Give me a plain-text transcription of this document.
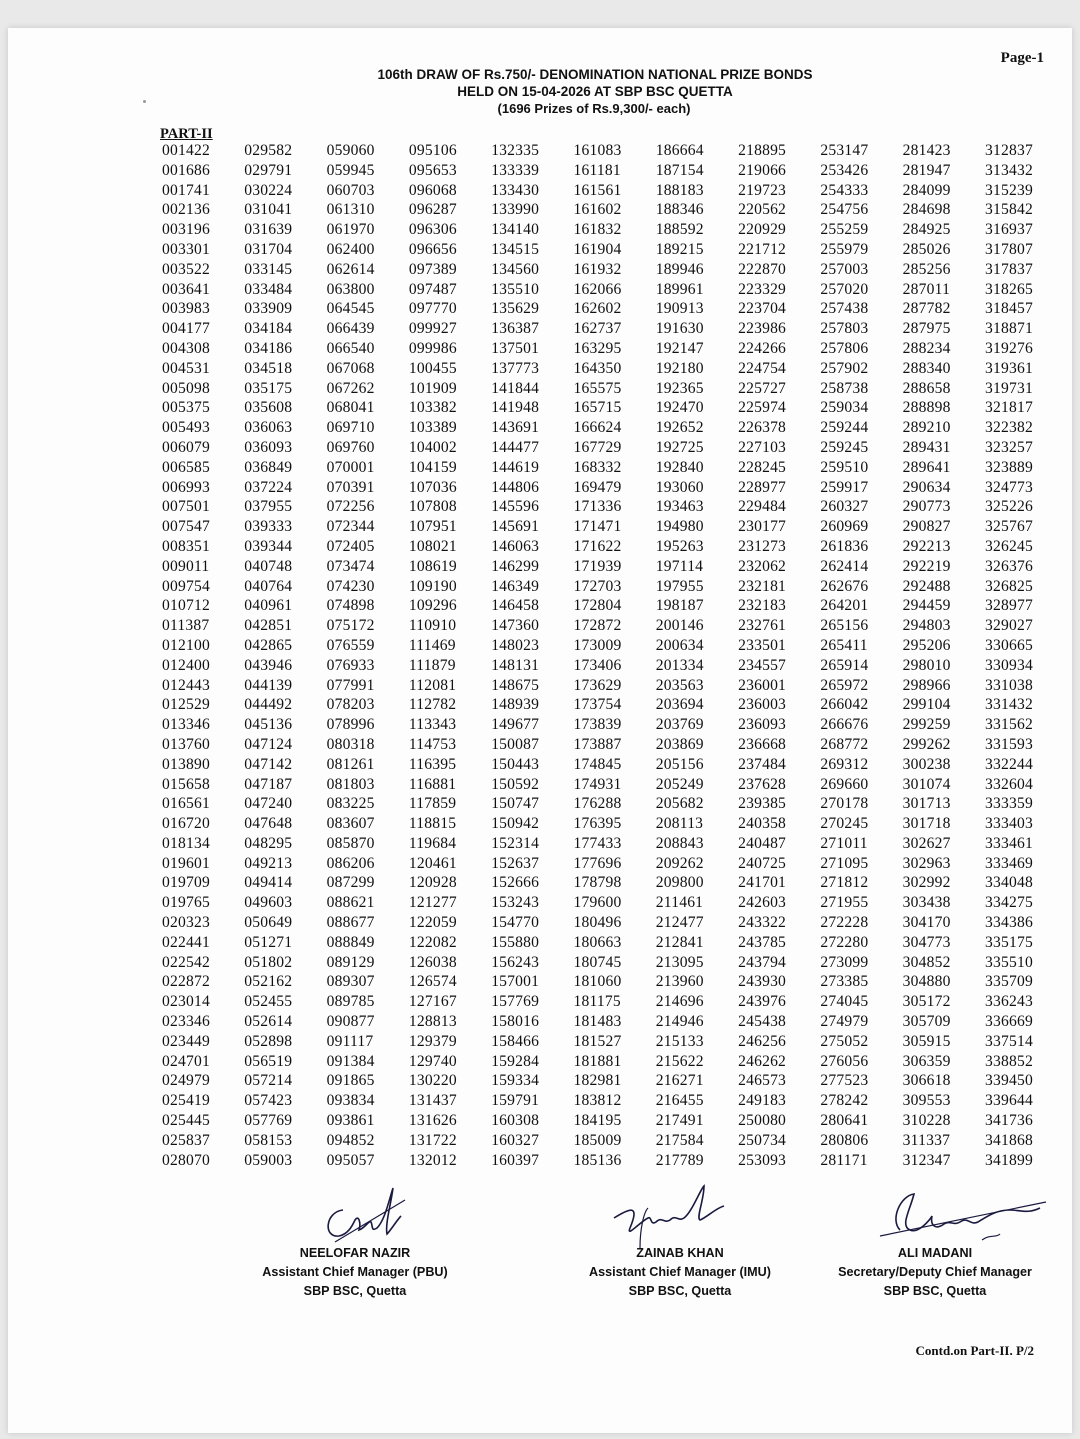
Page-1
106th DRAW OF Rs.750/- DENOMINATION NATIONAL PRIZE BONDS
HELD ON 15-04-2026 AT SBP BSC QUETTA
(1696 Prizes of Rs.9,300/- each)
PART-II
001422
001686
001741
002136
003196
003301
003522
003641
003983
004177
004308
004531
005098
005375
005493
006079
006585
006993
007501
007547
008351
009011
009754
010712
011387
012100
012400
012443
012529
013346
013760
013890
015658
016561
016720
018134
019601
019709
019765
020323
022441
022542
022872
023014
023346
023449
024701
024979
025419
025445
025837
028070
029582
029791
030224
031041
031639
031704
033145
033484
033909
034184
034186
034518
035175
035608
036063
036093
036849
037224
037955
039333
039344
040748
040764
040961
042851
042865
043946
044139
044492
045136
047124
047142
047187
047240
047648
048295
049213
049414
049603
050649
051271
051802
052162
052455
052614
052898
056519
057214
057423
057769
058153
059003
059060
059945
060703
061310
061970
062400
062614
063800
064545
066439
066540
067068
067262
068041
069710
069760
070001
070391
072256
072344
072405
073474
074230
074898
075172
076559
076933
077991
078203
078996
080318
081261
081803
083225
083607
085870
086206
087299
088621
088677
088849
089129
089307
089785
090877
091117
091384
091865
093834
093861
094852
095057
095106
095653
096068
096287
096306
096656
097389
097487
097770
099927
099986
100455
101909
103382
103389
104002
104159
107036
107808
107951
108021
108619
109190
109296
110910
111469
111879
112081
112782
113343
114753
116395
116881
117859
118815
119684
120461
120928
121277
122059
122082
126038
126574
127167
128813
129379
129740
130220
131437
131626
131722
132012
132335
133339
133430
133990
134140
134515
134560
135510
135629
136387
137501
137773
141844
141948
143691
144477
144619
144806
145596
145691
146063
146299
146349
146458
147360
148023
148131
148675
148939
149677
150087
150443
150592
150747
150942
152314
152637
152666
153243
154770
155880
156243
157001
157769
158016
158466
159284
159334
159791
160308
160327
160397
161083
161181
161561
161602
161832
161904
161932
162066
162602
162737
163295
164350
165575
165715
166624
167729
168332
169479
171336
171471
171622
171939
172703
172804
172872
173009
173406
173629
173754
173839
173887
174845
174931
176288
176395
177433
177696
178798
179600
180496
180663
180745
181060
181175
181483
181527
181881
182981
183812
184195
185009
185136
186664
187154
188183
188346
188592
189215
189946
189961
190913
191630
192147
192180
192365
192470
192652
192725
192840
193060
193463
194980
195263
197114
197955
198187
200146
200634
201334
203563
203694
203769
203869
205156
205249
205682
208113
208843
209262
209800
211461
212477
212841
213095
213960
214696
214946
215133
215622
216271
216455
217491
217584
217789
218895
219066
219723
220562
220929
221712
222870
223329
223704
223986
224266
224754
225727
225974
226378
227103
228245
228977
229484
230177
231273
232062
232181
232183
232761
233501
234557
236001
236003
236093
236668
237484
237628
239385
240358
240487
240725
241701
242603
243322
243785
243794
243930
243976
245438
246256
246262
246573
249183
250080
250734
253093
253147
253426
254333
254756
255259
255979
257003
257020
257438
257803
257806
257902
258738
259034
259244
259245
259510
259917
260327
260969
261836
262414
262676
264201
265156
265411
265914
265972
266042
266676
268772
269312
269660
270178
270245
271011
271095
271812
271955
272228
272280
273099
273385
274045
274979
275052
276056
277523
278242
280641
280806
281171
281423
281947
284099
284698
284925
285026
285256
287011
287782
287975
288234
288340
288658
288898
289210
289431
289641
290634
290773
290827
292213
292219
292488
294459
294803
295206
298010
298966
299104
299259
299262
300238
301074
301713
301718
302627
302963
302992
303438
304170
304773
304852
304880
305172
305709
305915
306359
306618
309553
310228
311337
312347
312837
313432
315239
315842
316937
317807
317837
318265
318457
318871
319276
319361
319731
321817
322382
323257
323889
324773
325226
325767
326245
326376
326825
328977
329027
330665
330934
331038
331432
331562
331593
332244
332604
333359
333403
333461
333469
334048
334275
334386
335175
335510
335709
336243
336669
337514
338852
339450
339644
341736
341868
341899
NEELOFAR NAZIR
Assistant Chief Manager (PBU)
SBP BSC, Quetta
ZAINAB KHAN
Assistant Chief Manager (IMU)
SBP BSC, Quetta
ALI MADANI
Secretary/Deputy Chief Manager
SBP BSC, Quetta
Contd.on Part-II. P/2
